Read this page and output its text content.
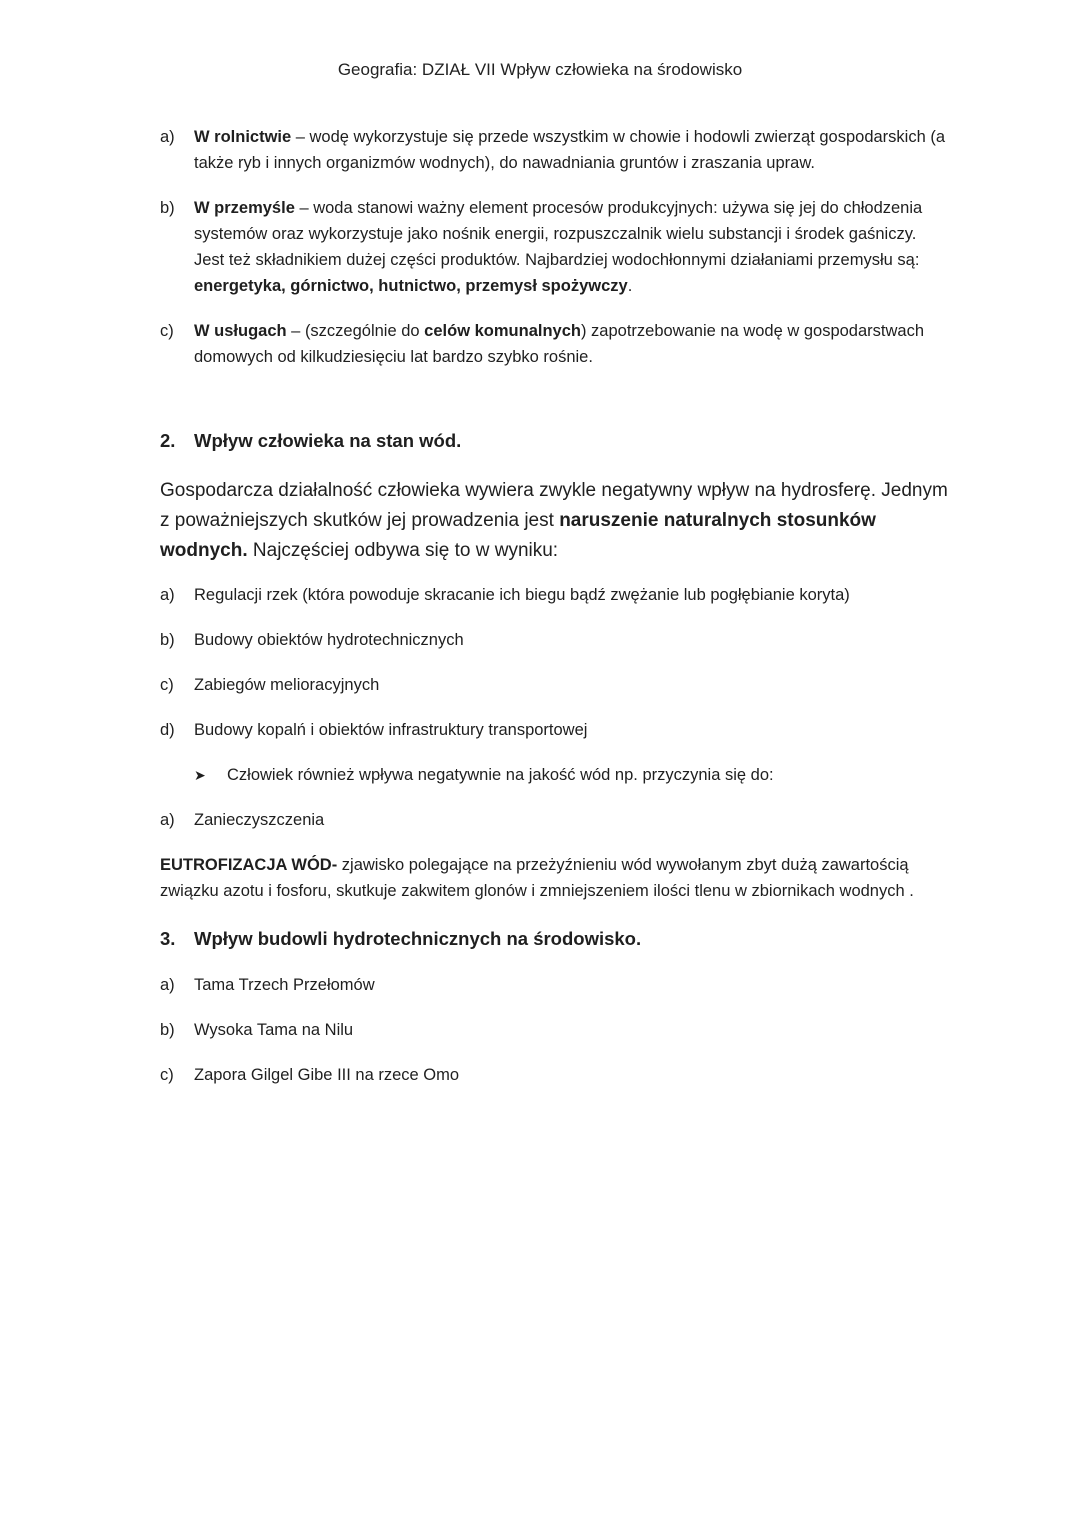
Geografia: DZIAŁ VII Wpływ człowieka na środowisko
a)	W rolnictwie – wodę wykorzystuje się przede wszystkim w chowie i hodowli zwierząt gospodarskich (a także ryb i innych organizmów wodnych), do nawadniania gruntów i zraszania upraw.
b)	W przemyśle – woda stanowi ważny element procesów produkcyjnych: używa się jej do chłodzenia systemów oraz wykorzystuje jako nośnik energii, rozpuszczalnik wielu substancji i środek gaśniczy. Jest też składnikiem dużej części produktów. Najbardziej wodochłonnymi działaniami przemysłu są: energetyka, górnictwo, hutnictwo, przemysł spożywczy.
c)	W usługach – (szczególnie do celów komunalnych) zapotrzebowanie na wodę w gospodarstwach domowych od kilkudziesięciu lat bardzo szybko rośnie.
2.	Wpływ człowieka na stan wód.
Gospodarcza działalność człowieka wywiera zwykle negatywny wpływ na hydrosferę. Jednym z poważniejszych skutków jej prowadzenia jest naruszenie naturalnych stosunków wodnych. Najczęściej odbywa się to w wyniku:
a)	Regulacji rzek (która powoduje skracanie ich biegu bądź zwężanie lub pogłębianie koryta)
b)	Budowy obiektów hydrotechnicznych
c)	Zabiegów melioracyjnych
d)	Budowy kopalń i obiektów infrastruktury transportowej
➤	Człowiek również wpływa negatywnie na jakość wód np. przyczynia się do:
a)	Zanieczyszczenia
EUTROFIZACJA WÓD- zjawisko polegające na przeżyźnieniu wód wywołanym zbyt dużą zawartością związku azotu i fosforu, skutkuje zakwitem glonów i zmniejszeniem ilości tlenu w zbiornikach wodnych .
3.	Wpływ budowli hydrotechnicznych na środowisko.
a)	Tama Trzech Przełomów
b)	Wysoka Tama na Nilu
c)	Zapora Gilgel Gibe III na rzece Omo
